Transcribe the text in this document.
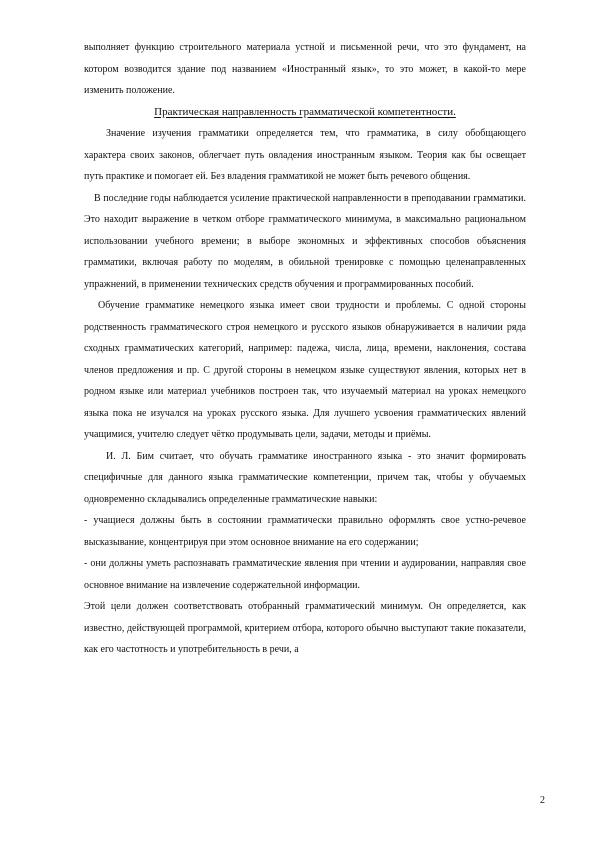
выполняет функцию строительного материала устной и письменной речи, что это фундамент, на котором возводится здание под названием «Иностранный язык», то это может, в какой-то мере изменить положение.

Практическая направленность грамматической компетентности.

Значение изучения грамматики определяется тем, что грамматика, в силу обобщающего характера своих законов, облегчает путь овладения иностранным языком. Теория как бы освещает путь практике и помогает ей. Без владения грамматикой не может быть речевого общения.

В последние годы наблюдается усиление практической направленности в преподавании грамматики. Это находит выражение в четком отборе грамматического минимума, в максимально рациональном использовании учебного времени; в выборе экономных и эффективных способов объяснения грамматики, включая работу по моделям, в обильной тренировке с помощью целенаправленных упражнений, в применении технических средств обучения и программированных пособий.

Обучение грамматике немецкого языка имеет свои трудности и проблемы. С одной стороны родственность грамматического строя немецкого и русского языков обнаруживается в наличии ряда сходных грамматических категорий, например: падежа, числа, лица, времени, наклонения, состава членов предложения и пр. С другой стороны в немецком языке существуют явления, которых нет в родном языке или материал учебников построен так, что изучаемый материал на уроках немецкого языка пока не изучался на уроках русского языка. Для лучшего усвоения грамматических явлений учащимися, учителю следует чётко продумывать цели, задачи, методы и приёмы.

И. Л. Бим считает, что обучать грамматике иностранного языка - это значит формировать специфичные для данного языка грамматические компетенции, причем так, чтобы у обучаемых одновременно складывались определенные грамматические навыки:

- учащиеся должны быть в состоянии грамматически правильно оформлять свое устно-речевое высказывание, концентрируя при этом основное внимание на его содержании;

- они должны уметь распознавать грамматические явления при чтении и аудировании, направляя свое основное внимание на извлечение содержательной информации.

Этой цели должен соответствовать отобранный грамматический минимум. Он определяется, как известно, действующей программой, критерием отбора, которого обычно выступают такие показатели, как его частотность и употребительность в речи, а

2
